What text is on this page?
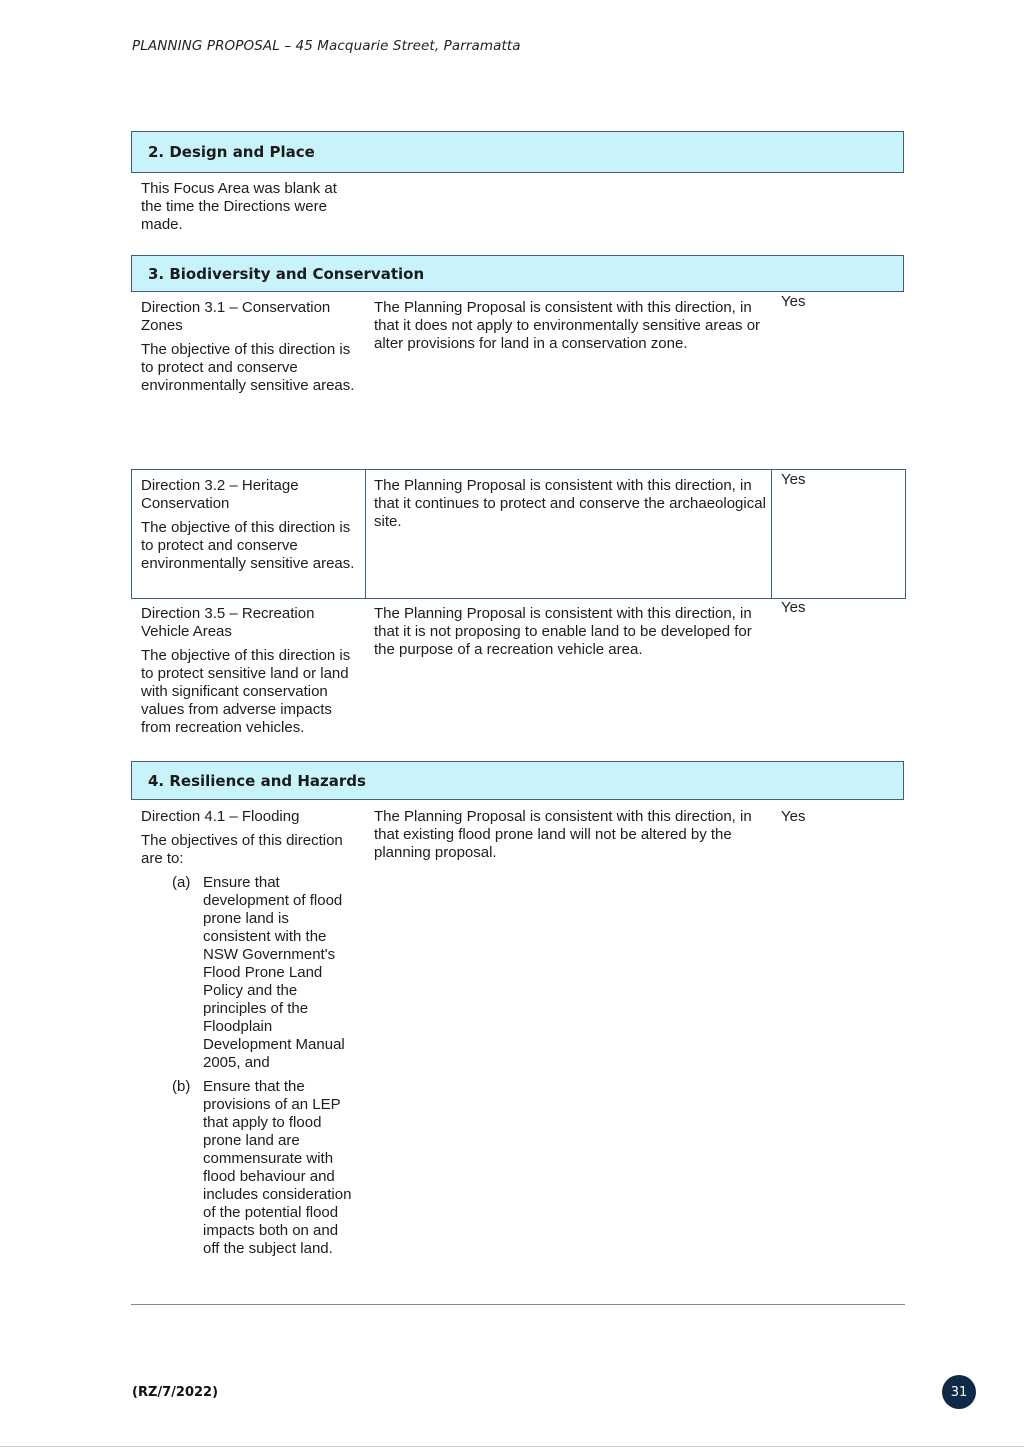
PLANNING PROPOSAL – 45 Macquarie Street, Parramatta
2. Design and Place
This Focus Area was blank at the time the Directions were made.
3. Biodiversity and Conservation

Direction 3.1 – Conservation Zones

The objective of this direction is to protect and conserve environmentally sensitive areas.

The Planning Proposal is consistent with this direction, in that it does not apply to environmentally sensitive areas or alter provisions for land in a conservation zone.
Yes

Direction 3.2 – Heritage Conservation

The objective of this direction is to protect and conserve environmentally sensitive areas.

The Planning Proposal is consistent with this direction, in that it continues to protect and conserve the archaeological site.
Yes

Direction 3.5 – Recreation Vehicle Areas

The objective of this direction is to protect sensitive land or land with significant conservation values from adverse impacts from recreation vehicles.

The Planning Proposal is consistent with this direction, in that it is not proposing to enable land to be developed for the purpose of a recreation vehicle area.
Yes
4. Resilience and Hazards

Direction 4.1 – Flooding

The objectives of this direction are to:

(a) Ensure that development of flood prone land is consistent with the NSW Government's Flood Prone Land Policy and the principles of the Floodplain Development Manual 2005, and
(b) Ensure that the provisions of an LEP that apply to flood prone land are commensurate with flood behaviour and includes consideration of the potential flood impacts both on and off the subject land.
The Planning Proposal is consistent with this direction, in that existing flood prone land will not be altered by the planning proposal.
Yes
(RZ/7/2022)	31
